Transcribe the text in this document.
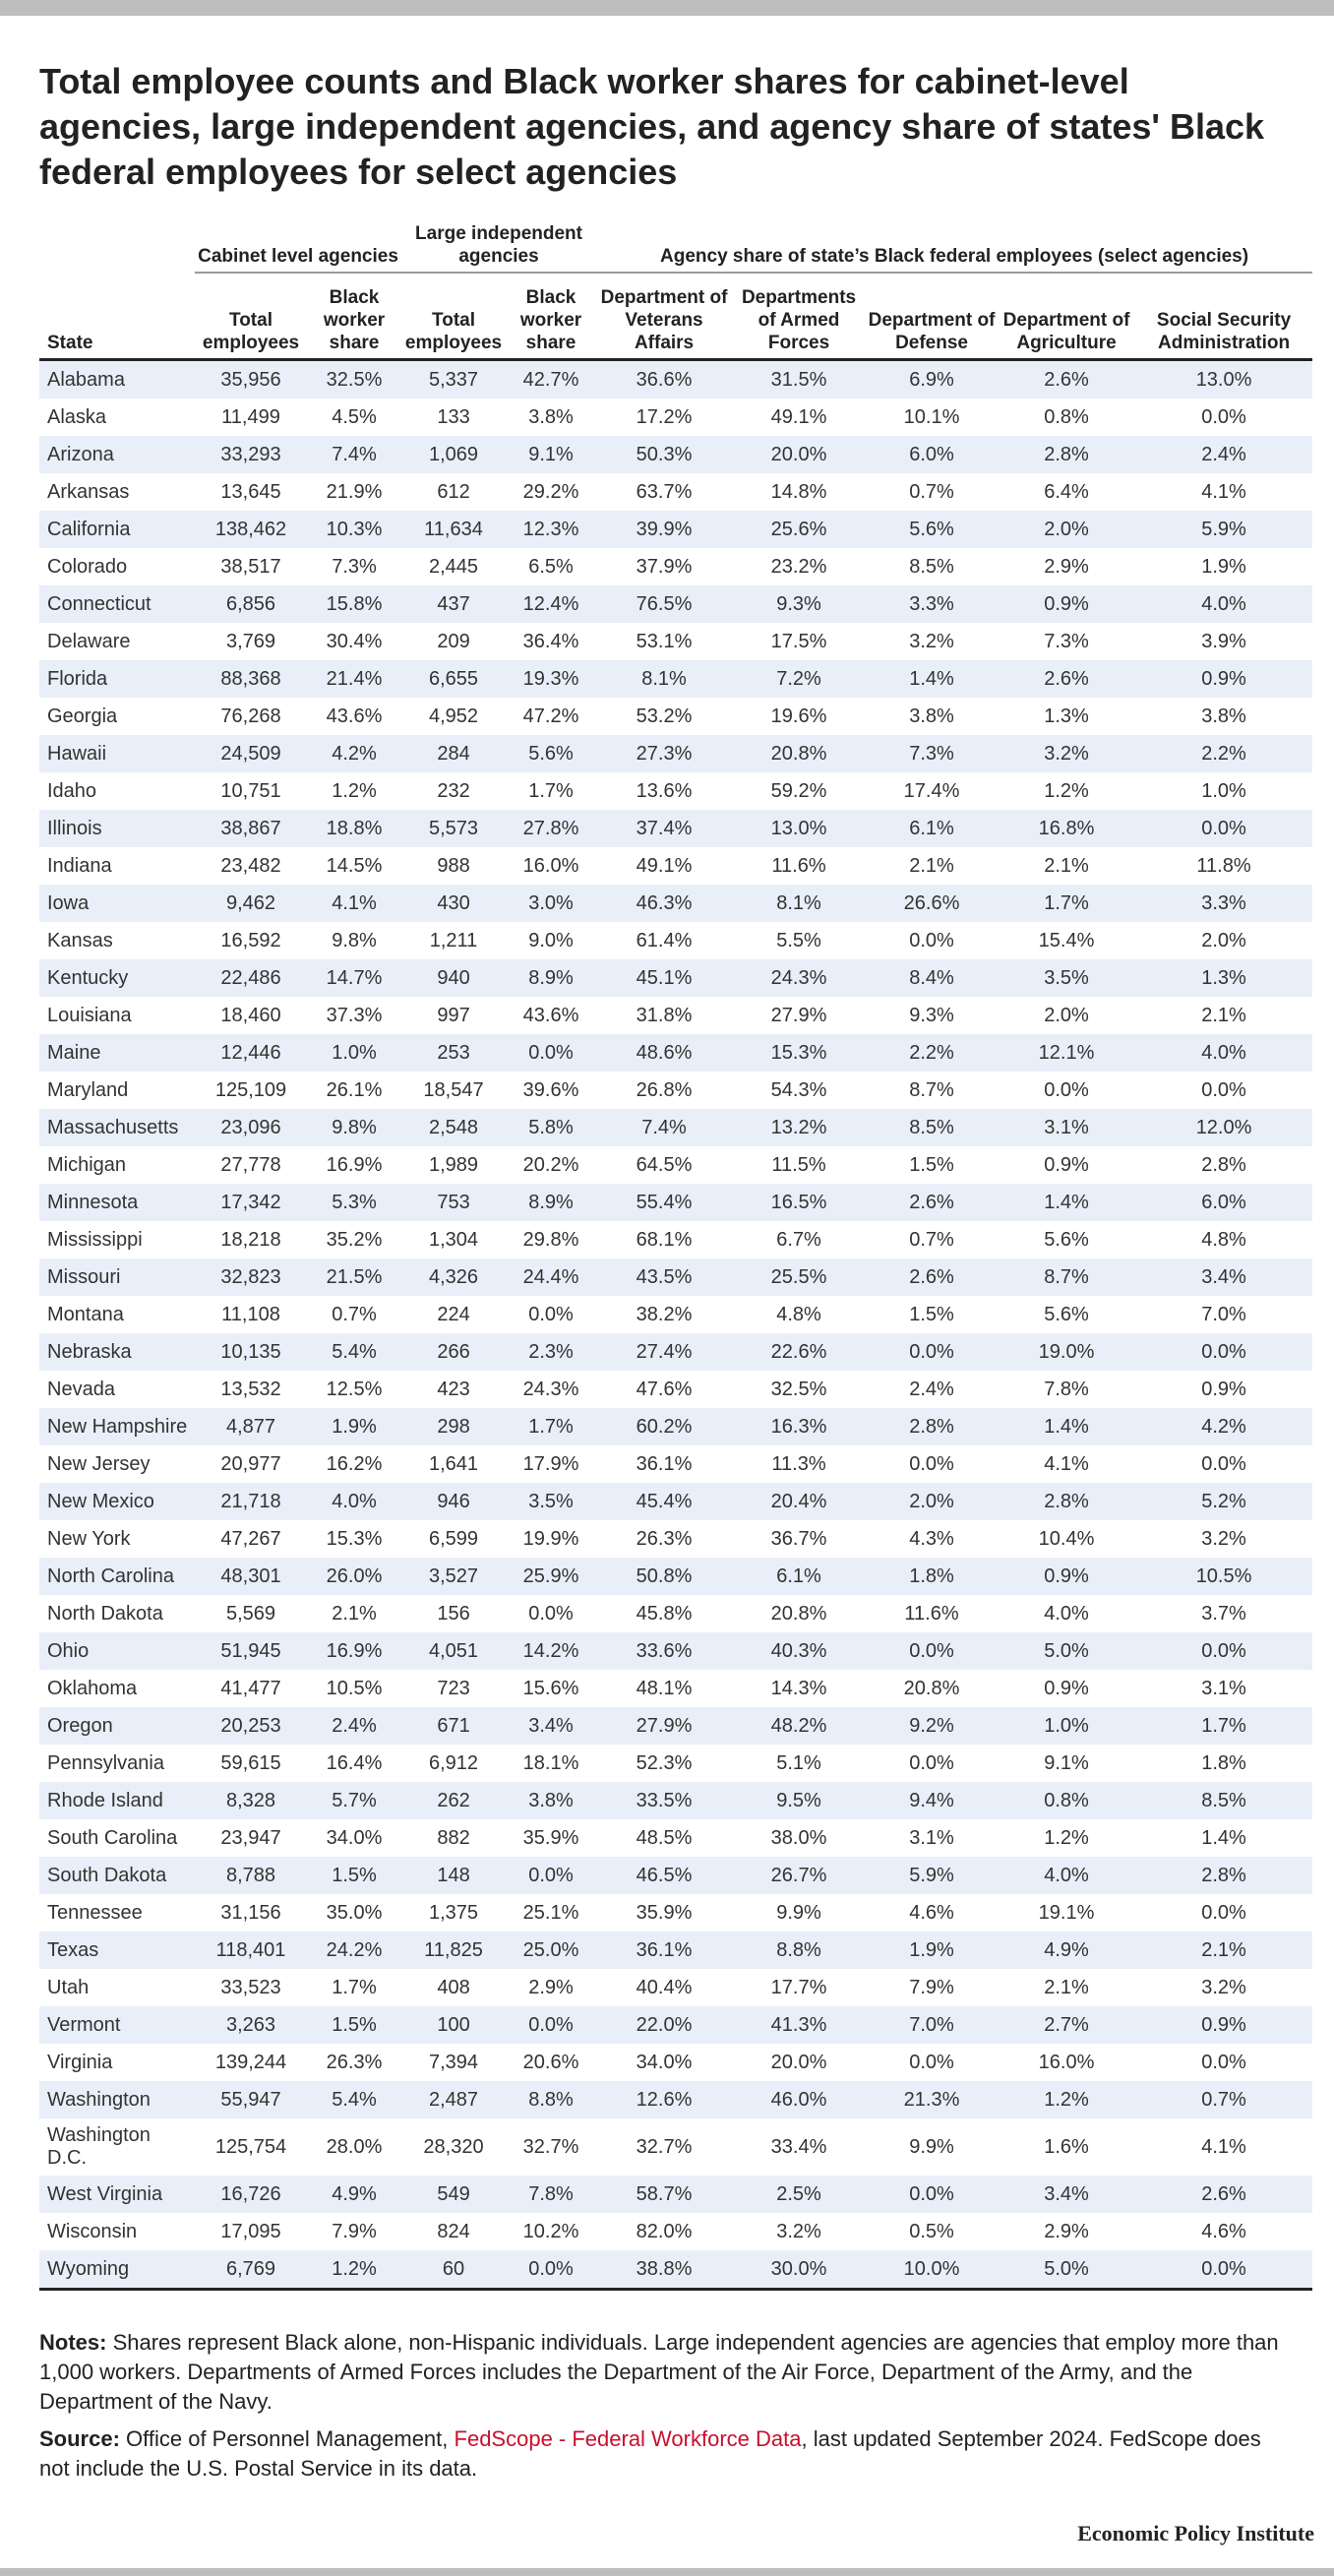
Total employee counts and Black worker shares for cabinet-level agencies, large independent agencies, and agency share of states' Black federal employees for select agencies
	Cabinet level agencies		Large independent agencies		Agency share of state’s Black federal employees (select agencies)				
State	Total employees	Black worker share	Total employees	Black worker share	Department of Veterans Affairs	Departments of Armed Forces	Department of Defense	Department of Agriculture	Social Security Administration
Alabama	35,956	32.5%	5,337	42.7%	36.6%	31.5%	6.9%	2.6%	13.0%
Alaska	11,499	4.5%	133	3.8%	17.2%	49.1%	10.1%	0.8%	0.0%
Arizona	33,293	7.4%	1,069	9.1%	50.3%	20.0%	6.0%	2.8%	2.4%
Arkansas	13,645	21.9%	612	29.2%	63.7%	14.8%	0.7%	6.4%	4.1%
California	138,462	10.3%	11,634	12.3%	39.9%	25.6%	5.6%	2.0%	5.9%
Colorado	38,517	7.3%	2,445	6.5%	37.9%	23.2%	8.5%	2.9%	1.9%
Connecticut	6,856	15.8%	437	12.4%	76.5%	9.3%	3.3%	0.9%	4.0%
Delaware	3,769	30.4%	209	36.4%	53.1%	17.5%	3.2%	7.3%	3.9%
Florida	88,368	21.4%	6,655	19.3%	8.1%	7.2%	1.4%	2.6%	0.9%
Georgia	76,268	43.6%	4,952	47.2%	53.2%	19.6%	3.8%	1.3%	3.8%
Hawaii	24,509	4.2%	284	5.6%	27.3%	20.8%	7.3%	3.2%	2.2%
Idaho	10,751	1.2%	232	1.7%	13.6%	59.2%	17.4%	1.2%	1.0%
Illinois	38,867	18.8%	5,573	27.8%	37.4%	13.0%	6.1%	16.8%	0.0%
Indiana	23,482	14.5%	988	16.0%	49.1%	11.6%	2.1%	2.1%	11.8%
Iowa	9,462	4.1%	430	3.0%	46.3%	8.1%	26.6%	1.7%	3.3%
Kansas	16,592	9.8%	1,211	9.0%	61.4%	5.5%	0.0%	15.4%	2.0%
Kentucky	22,486	14.7%	940	8.9%	45.1%	24.3%	8.4%	3.5%	1.3%
Louisiana	18,460	37.3%	997	43.6%	31.8%	27.9%	9.3%	2.0%	2.1%
Maine	12,446	1.0%	253	0.0%	48.6%	15.3%	2.2%	12.1%	4.0%
Maryland	125,109	26.1%	18,547	39.6%	26.8%	54.3%	8.7%	0.0%	0.0%
Massachusetts	23,096	9.8%	2,548	5.8%	7.4%	13.2%	8.5%	3.1%	12.0%
Michigan	27,778	16.9%	1,989	20.2%	64.5%	11.5%	1.5%	0.9%	2.8%
Minnesota	17,342	5.3%	753	8.9%	55.4%	16.5%	2.6%	1.4%	6.0%
Mississippi	18,218	35.2%	1,304	29.8%	68.1%	6.7%	0.7%	5.6%	4.8%
Missouri	32,823	21.5%	4,326	24.4%	43.5%	25.5%	2.6%	8.7%	3.4%
Montana	11,108	0.7%	224	0.0%	38.2%	4.8%	1.5%	5.6%	7.0%
Nebraska	10,135	5.4%	266	2.3%	27.4%	22.6%	0.0%	19.0%	0.0%
Nevada	13,532	12.5%	423	24.3%	47.6%	32.5%	2.4%	7.8%	0.9%
New Hampshire	4,877	1.9%	298	1.7%	60.2%	16.3%	2.8%	1.4%	4.2%
New Jersey	20,977	16.2%	1,641	17.9%	36.1%	11.3%	0.0%	4.1%	0.0%
New Mexico	21,718	4.0%	946	3.5%	45.4%	20.4%	2.0%	2.8%	5.2%
New York	47,267	15.3%	6,599	19.9%	26.3%	36.7%	4.3%	10.4%	3.2%
North Carolina	48,301	26.0%	3,527	25.9%	50.8%	6.1%	1.8%	0.9%	10.5%
North Dakota	5,569	2.1%	156	0.0%	45.8%	20.8%	11.6%	4.0%	3.7%
Ohio	51,945	16.9%	4,051	14.2%	33.6%	40.3%	0.0%	5.0%	0.0%
Oklahoma	41,477	10.5%	723	15.6%	48.1%	14.3%	20.8%	0.9%	3.1%
Oregon	20,253	2.4%	671	3.4%	27.9%	48.2%	9.2%	1.0%	1.7%
Pennsylvania	59,615	16.4%	6,912	18.1%	52.3%	5.1%	0.0%	9.1%	1.8%
Rhode Island	8,328	5.7%	262	3.8%	33.5%	9.5%	9.4%	0.8%	8.5%
South Carolina	23,947	34.0%	882	35.9%	48.5%	38.0%	3.1%	1.2%	1.4%
South Dakota	8,788	1.5%	148	0.0%	46.5%	26.7%	5.9%	4.0%	2.8%
Tennessee	31,156	35.0%	1,375	25.1%	35.9%	9.9%	4.6%	19.1%	0.0%
Texas	118,401	24.2%	11,825	25.0%	36.1%	8.8%	1.9%	4.9%	2.1%
Utah	33,523	1.7%	408	2.9%	40.4%	17.7%	7.9%	2.1%	3.2%
Vermont	3,263	1.5%	100	0.0%	22.0%	41.3%	7.0%	2.7%	0.9%
Virginia	139,244	26.3%	7,394	20.6%	34.0%	20.0%	0.0%	16.0%	0.0%
Washington	55,947	5.4%	2,487	8.8%	12.6%	46.0%	21.3%	1.2%	0.7%
Washington D.C.	125,754	28.0%	28,320	32.7%	32.7%	33.4%	9.9%	1.6%	4.1%
West Virginia	16,726	4.9%	549	7.8%	58.7%	2.5%	0.0%	3.4%	2.6%
Wisconsin	17,095	7.9%	824	10.2%	82.0%	3.2%	0.5%	2.9%	4.6%
Wyoming	6,769	1.2%	60	0.0%	38.8%	30.0%	10.0%	5.0%	0.0%

Notes: Shares represent Black alone, non-Hispanic individuals. Large independent agencies are agencies that employ more than 1,000 workers. Departments of Armed Forces includes the Department of the Air Force, Department of the Army, and the Department of the Navy.

Source: Office of Personnel Management, FedScope - Federal Workforce Data, last updated September 2024. FedScope does not include the U.S. Postal Service in its data.

Economic Policy Institute
